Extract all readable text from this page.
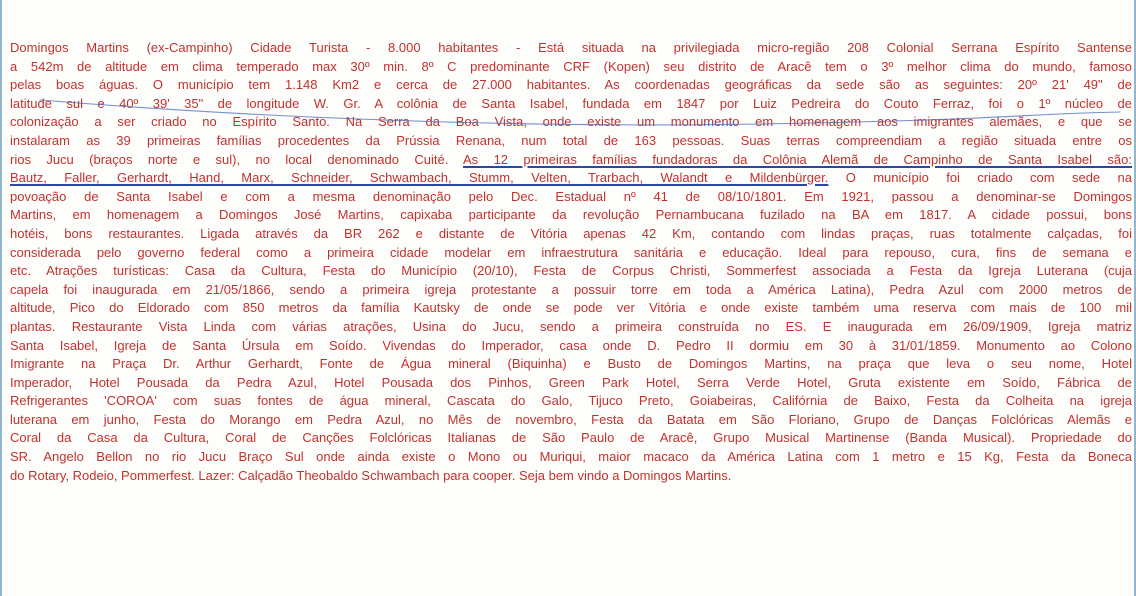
Domingos Martins (ex-Campinho) Cidade Turista - 8.000 habitantes - Está situada na privilegiada micro-região 208 Colonial Serrana Espírito Santense
a 542m de altitude em clima temperado max 30º min. 8º C predominante CRF (Kopen) seu distrito de Aracê tem o 3º melhor clima do mundo, famoso
pelas boas águas. O município tem 1.148 Km2 e cerca de 27.000 habitantes. As coordenadas geográficas da sede são as seguintes: 20º 21' 49" de
latitude sul e 40º 39' 35" de longitude W. Gr. A colônia de Santa Isabel, fundada em 1847 por Luiz Pedreira do Couto Ferraz, foi o 1º núcleo de
colonização a ser criado no Espírito Santo. Na Serra da Boa Vista, onde existe um monumento em homenagem aos imigrantes alemães, e que se
instalaram as 39 primeiras famílias procedentes da Prússia Renana, num total de 163 pessoas. Suas terras compreendiam a região situada entre os
rios Jucu (braços norte e sul), no local denominado Cuité. As 12 primeiras famílias fundadoras da Colônia Alemã de Campinho de Santa Isabel são:
Bautz, Faller, Gerhardt, Hand, Marx, Schneider, Schwambach, Stumm, Velten, Trarbach, Walandt e Mildenbürger. O município foi criado com sede na
povoação de Santa Isabel e com a mesma denominação pelo Dec. Estadual nº 41 de 08/10/1801. Em 1921, passou a denominar-se Domingos
Martins, em homenagem a Domingos José Martins, capixaba participante da revolução Pernambucana fuzilado na BA em 1817. A cidade possui, bons
hotéis, bons restaurantes. Ligada através da BR 262 e distante de Vitória apenas 42 Km, contando com lindas praças, ruas totalmente calçadas, foi
considerada pelo governo federal como a primeira cidade modelar em infraestrutura sanitária e educação. Ideal para repouso, cura, fins de semana e
etc. Atrações turísticas: Casa da Cultura, Festa do Município (20/10), Festa de Corpus Christi, Sommerfest associada a Festa da Igreja Luterana (cuja
capela foi inaugurada em 21/05/1866, sendo a primeira igreja protestante a possuir torre em toda a América Latina), Pedra Azul com 2000 metros de
altitude, Pico do Eldorado com 850 metros da família Kautsky de onde se pode ver Vitória e onde existe também uma reserva com mais de 100 mil
plantas. Restaurante Vista Linda com várias atrações, Usina do Jucu, sendo a primeira construída no ES. E inaugurada em 26/09/1909, Igreja matriz
Santa Isabel, Igreja de Santa Úrsula em Soído. Vivendas do Imperador, casa onde D. Pedro II dormiu em 30 à 31/01/1859. Monumento ao Colono
Imigrante na Praça Dr. Arthur Gerhardt, Fonte de Água mineral (Biquinha) e Busto de Domingos Martins, na praça que leva o seu nome, Hotel
Imperador, Hotel Pousada da Pedra Azul, Hotel Pousada dos Pinhos, Green Park Hotel, Serra Verde Hotel, Gruta existente em Soído, Fábrica de
Refrigerantes 'COROA' com suas fontes de água mineral, Cascata do Galo, Tijuco Preto, Goiabeiras, Califórnia de Baixo, Festa da Colheita na igreja
luterana em junho, Festa do Morango em Pedra Azul, no Mês de novembro, Festa da Batata em São Floriano, Grupo de Danças Folclóricas Alemãs e
Coral da Casa da Cultura, Coral de Canções Folclóricas Italianas de São Paulo de Aracê, Grupo Musical Martinense (Banda Musical). Propriedade do
SR. Angelo Bellon no rio Jucu Braço Sul onde ainda existe o Mono ou Muriqui, maior macaco da América Latina com 1 metro e 15 Kg, Festa da Boneca
do Rotary, Rodeio, Pommerfest. Lazer: Calçadão Theobaldo Schwambach para cooper. Seja bem vindo a Domingos Martins.
